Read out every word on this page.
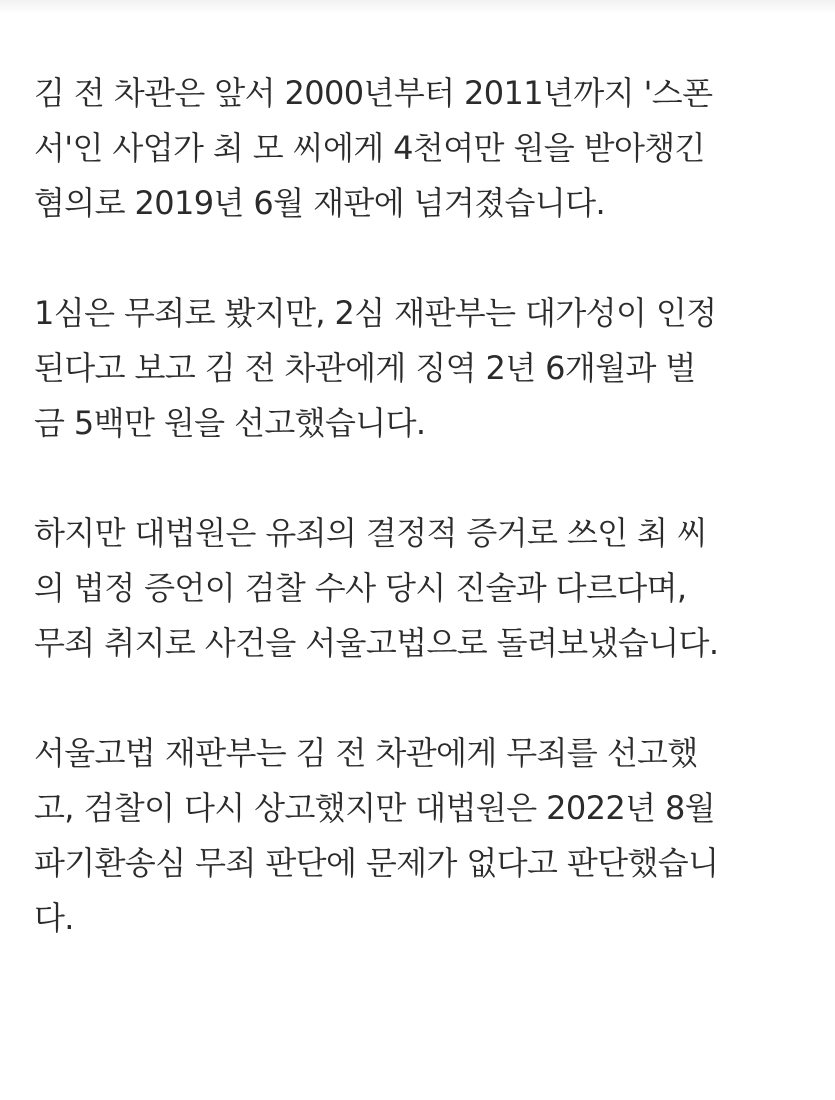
김 전 차관은 앞서 2000년부터 2011년까지 '스폰
서'인 사업가 최 모 씨에게 4천여만 원을 받아챙긴
혐의로 2019년 6월 재판에 넘겨졌습니다.

1심은 무죄로 봤지만, 2심 재판부는 대가성이 인정
된다고 보고 김 전 차관에게 징역 2년 6개월과 벌
금 5백만 원을 선고했습니다.

하지만 대법원은 유죄의 결정적 증거로 쓰인 최 씨
의 법정 증언이 검찰 수사 당시 진술과 다르다며,
무죄 취지로 사건을 서울고법으로 돌려보냈습니다.

서울고법 재판부는 김 전 차관에게 무죄를 선고했
고, 검찰이 다시 상고했지만 대법원은 2022년 8월
파기환송심 무죄 판단에 문제가 없다고 판단했습니
다.
